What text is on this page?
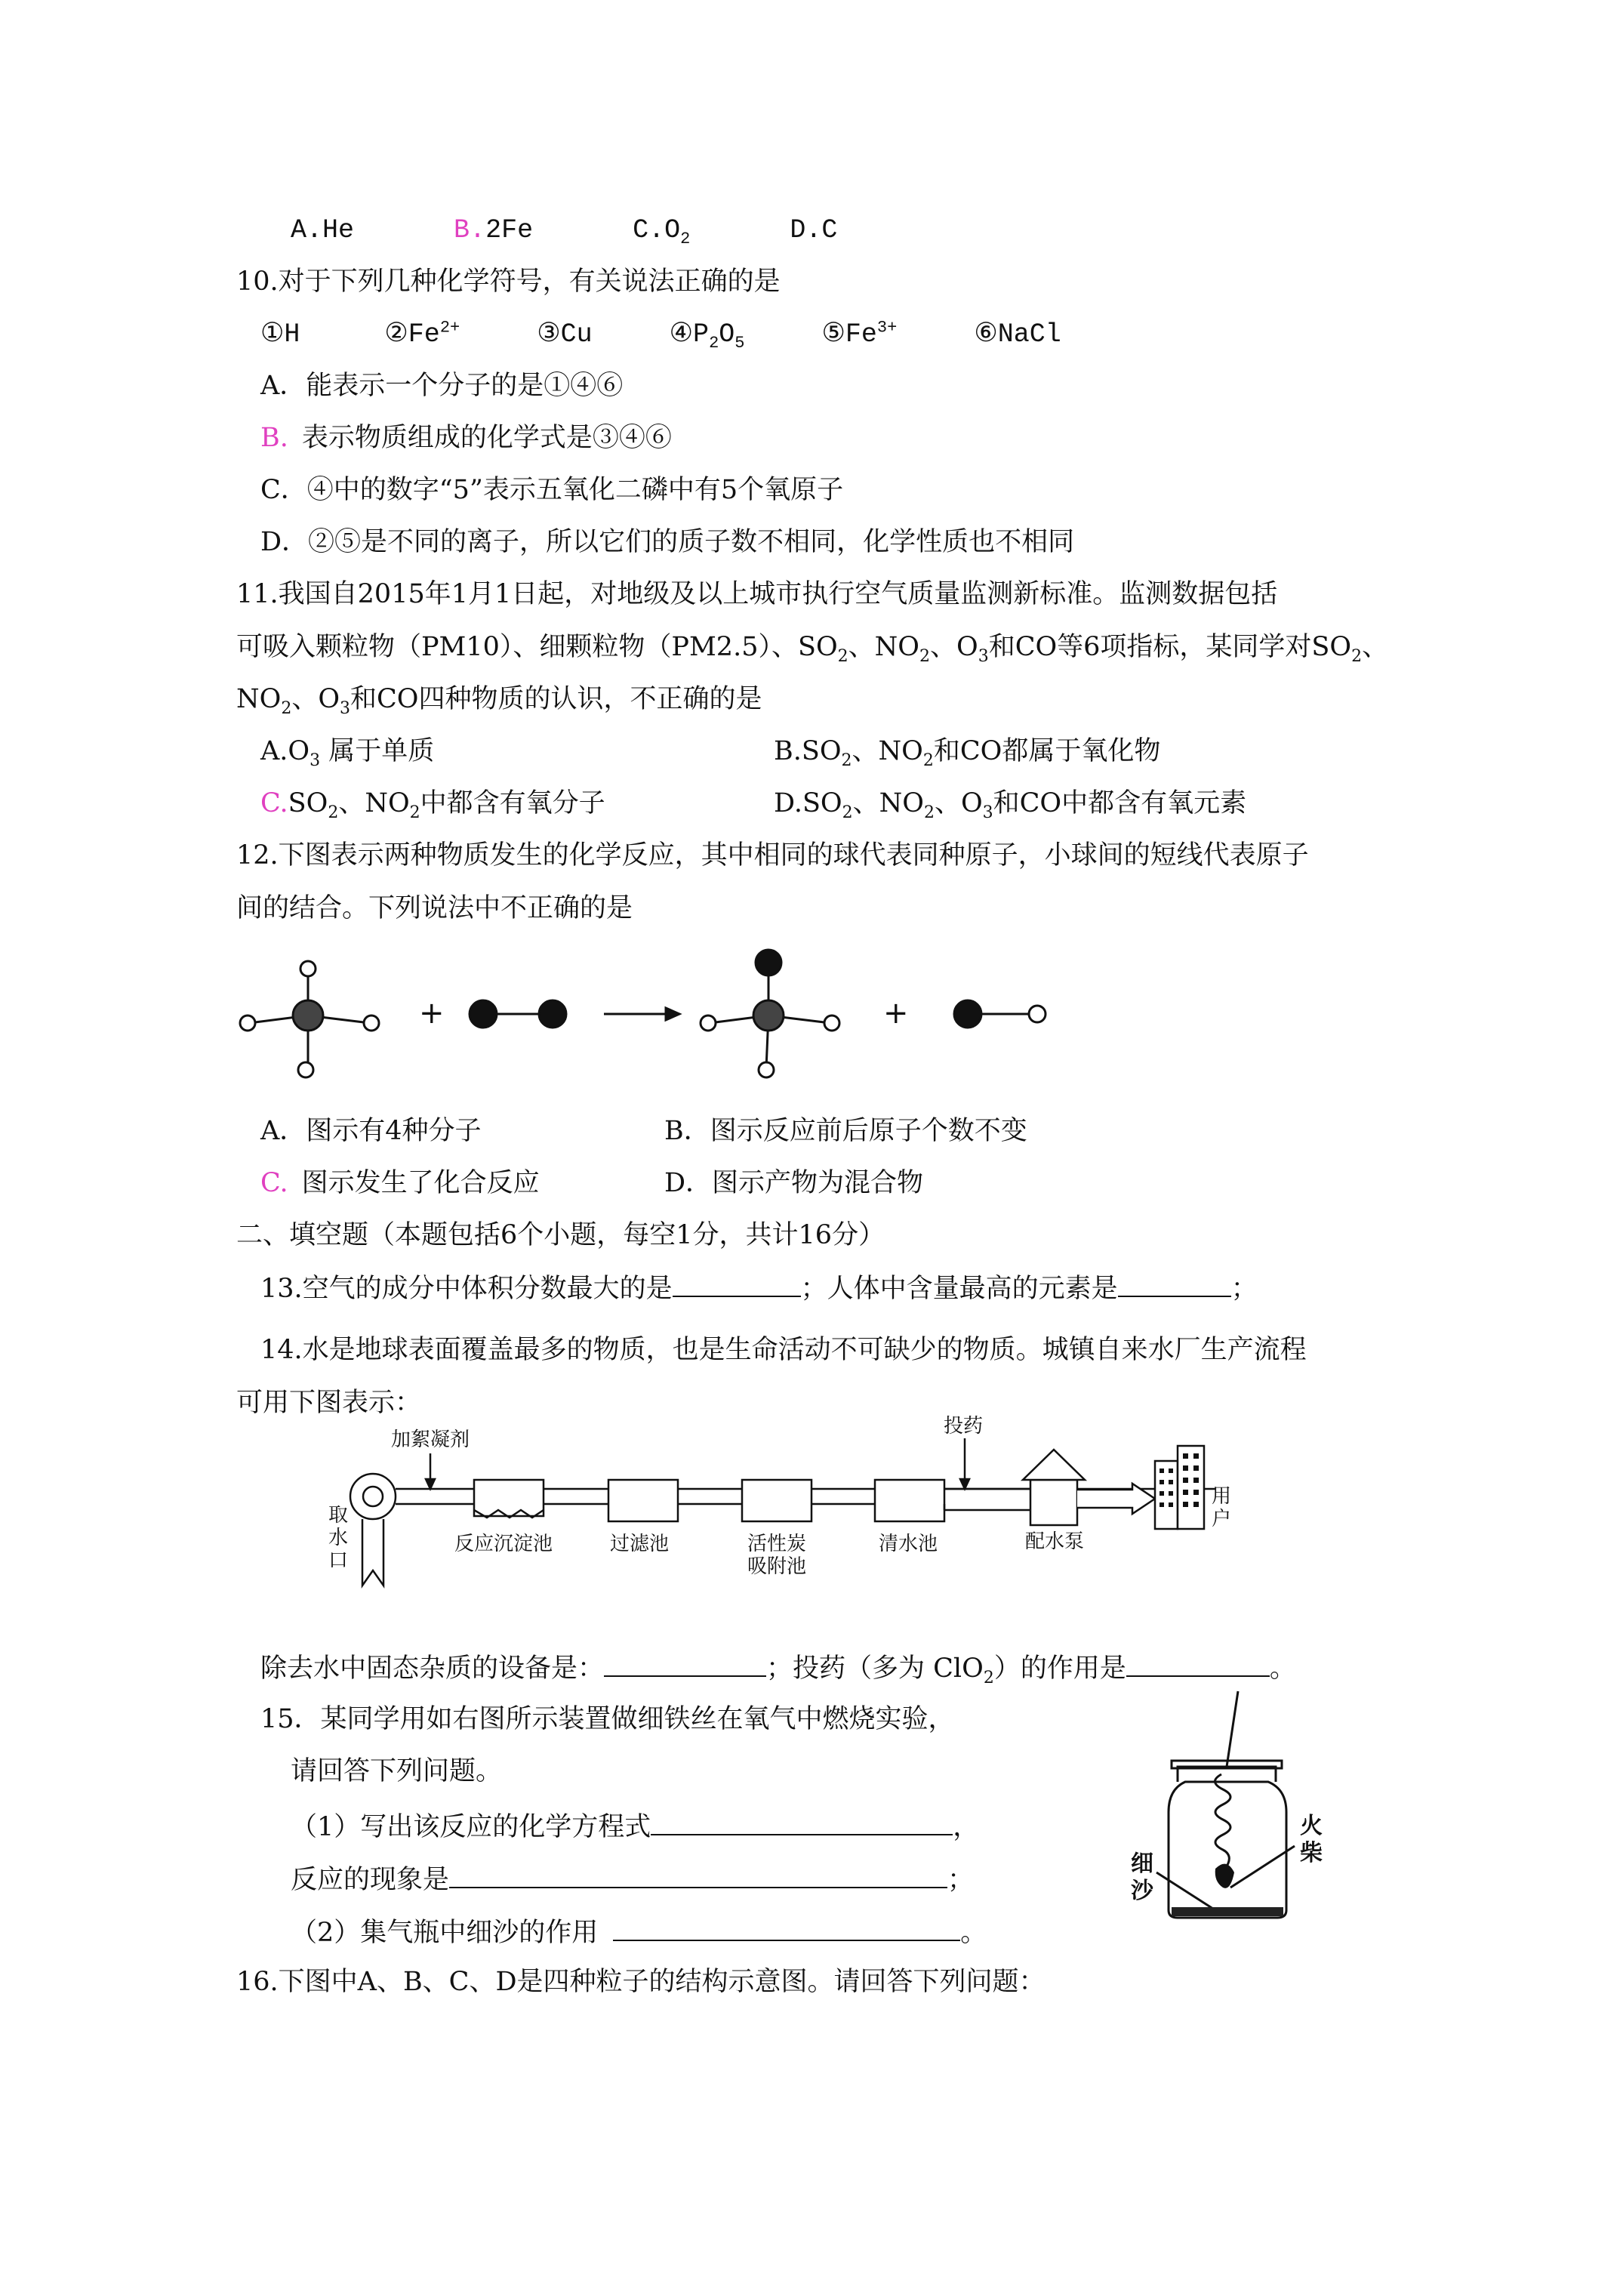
A.He	B.2Fe	$C.O_2$	D.C
10.对于下列几种化学符号，有关说法正确的是
①H	$②Fe^{2+}$	③Cu	$④P_2O_5$	$⑤Fe^{3+}$	⑥NaCl
A．能表示一个分子的是①④⑥
B. 表示物质组成的化学式是③④⑥
C．④中的数字“5”表示五氧化二磷中有5个氧原子
D．②⑤是不同的离子，所以它们的质子数不相同，化学性质也不相同
11.我国自2015年1月1日起，对地级及以上城市执行空气质量监测新标准。监测数据包括
可吸入颗粒物（PM10）、细颗粒物（PM2.5）、$SO_2$、$NO_2$、$O_3$和CO等6项指标，某同学对$SO_2$、
$NO_2$、$O_3$和CO四种物质的认识，不正确的是
$A.O_3$ 属于单质	$B.SO_2$、$NO_2$和CO都属于氧化物
$C.SO_2$、$NO_2$中都含有氧分子	$D.SO_2$、$NO_2$、$O_3$和CO中都含有氧元素
12.下图表示两种物质发生的化学反应，其中相同的球代表同种原子，小球间的短线代表原子
间的结合。下列说法中不正确的是
+	+
A．图示有4种分子	B．图示反应前后原子个数不变
C. 图示发生了化合反应	D．图示产物为混合物
二、填空题（本题包括6个小题，每空1分，共计16分）
13.空气的成分中体积分数最大的是	；人体中含量最高的元素是	；
14.水是地球表面覆盖最多的物质，也是生命活动不可缺少的物质。城镇自来水厂生产流程
可用下图表示：
加絮凝剂
取
水
口
反应沉淀池	过滤池	活性炭
吸附池
清水池
投药
配水泵
用
户
除去水中固态杂质的设备是：	；投药（多为 ClO$_2$）的作用是	。
15．某同学用如右图所示装置做细铁丝在氧气中燃烧实验，
请回答下列问题。
（1）写出该反应的化学方程式	，
反应的现象是	；
（2）集气瓶中细沙的作用	。
细
沙
火
柴
16.下图中A、B、C、D是四种粒子的结构示意图。请回答下列问题：
